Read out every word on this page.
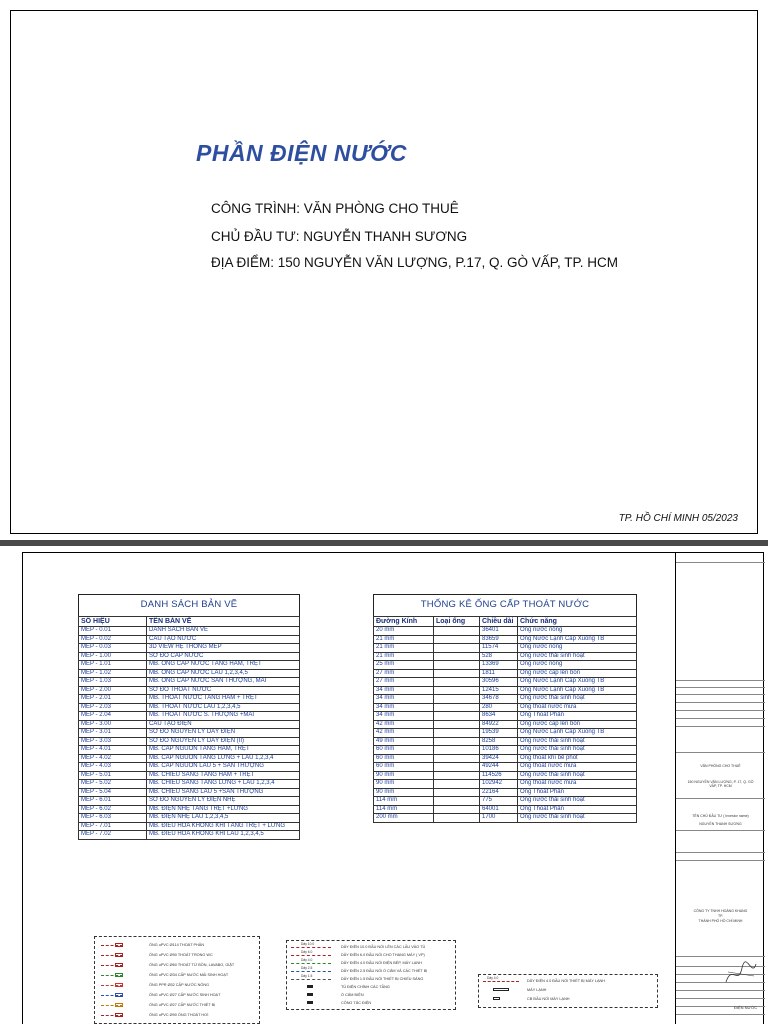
PHẦN ĐIỆN NƯỚC
CÔNG TRÌNH: VĂN PHÒNG CHO THUÊ
CHỦ ĐẦU TƯ: NGUYỄN THANH SƯƠNG
ĐỊA ĐIỂM: 150 NGUYỄN VĂN LƯỢNG, P.17, Q. GÒ VẤP, TP. HCM
TP. HỒ CHÍ MINH 05/2023
DANH SÁCH BẢN VẼ
SỐ HIỆU	TÊN BẢN VẼ
MEP - 0.01	DANH SÁCH BẢN VẼ
MEP - 0.02	CẤU TẠO NƯỚC
MEP - 0.03	3D VIEW HỆ THỐNG MEP
MEP - 1.00	SƠ ĐỒ CẤP NƯỚC
MEP - 1.01	MB. ỐNG CẤP NƯỚC TẦNG HẦM, TRỆT
MEP - 1.02	MB. ỐNG CẤP NƯỚC LẦU 1,2,3,4,5
MEP - 1.03	MB. ỐNG CẤP NƯỚC SÂN THƯỢNG, MÁI
MEP - 2.00	SƠ ĐỒ THOÁT NƯỚC
MEP - 2.01	MB. THOÁT NƯỚC TẦNG HẦM + TRỆT
MEP - 2.03	MB. THOÁT NƯỚC LẦU 1,2,3,4,5
MEP - 2.04	MB. THOÁT NƯỚC S. THƯỢNG +MÁI
MEP - 3.00	CẤU TẠO ĐIỆN
MEP - 3.01	SƠ ĐỒ NGUYÊN LÝ DÂY ĐIỆN
MEP - 3.03	SƠ ĐỒ NGUYÊN LÝ DÂY ĐIỆN (II)
MEP - 4.01	MB. CẤP NGUỒN TẦNG HẦM, TRỆT
MEP - 4.02	MB. CẤP NGUỒN TẦNG LỬNG + LẦU 1,2,3,4
MEP - 4.03	MB. CẤP NGUỒN LẦU 5 + SÂN THƯỢNG
MEP - 5.01	MB. CHIẾU SÁNG TẦNG HẦM + TRỆT
MEP - 5.02	MB. CHIẾU SÁNG TẦNG LỬNG + LẦU 1,2,3,4
MEP - 5.04	MB. CHIẾU SÁNG LẦU 5 +SÂN THƯỢNG
MEP - 6.01	SƠ ĐỒ NGUYÊN LÝ ĐIỆN NHẸ
MEP - 6.02	MB. ĐIỆN NHẸ TẦNG TRỆT +LỬNG
MEP - 6.03	MB. ĐIỆN NHẸ LẦU 1,2,3,4,5
MEP - 7.01	MB. ĐIỀU HÒA KHÔNG KHÍ TẦNG TRỆT + LỬNG
MEP - 7.02	MB. ĐIỀU HÒA KHÔNG KHÍ LẦU 1,2,3,4,5
THỐNG KÊ ỐNG CẤP THOÁT NƯỚC
Đường Kính	Loại ống	Chiều dài	Chức năng
20 mm		36401	Ống nước nóng
21 mm		83659	Ống Nước Lạnh Cấp Xuống TB
21 mm		11574	Ống nước nóng
21 mm		528	Ống nước thải sinh hoạt
25 mm		13369	Ống nước nóng
27 mm		1811	Ống nước cấp lên bồn
27 mm		30596	Ống Nước Lạnh Cấp Xuống TB
34 mm		12415	Ống Nước Lạnh Cấp Xuống TB
34 mm		34678	Ống nước thải sinh hoạt
34 mm		280	Ống thoát nước mưa
34 mm		8634	Ống Thoát Phân
42 mm		84922	Ống nước cấp lên bồn
42 mm		19539	Ống Nước Lạnh Cấp Xuống TB
49 mm		8258	Ống nước thải sinh hoạt
60 mm		10186	Ống nước thải sinh hoạt
60 mm		39424	Ống thoát khí bể phốt
60 mm		49244	Ống thoát nước mưa
90 mm		114526	Ống nước thải sinh hoạt
90 mm		102942	Ống thoát nước mưa
90 mm		22164	Ống Thoát Phân
114 mm		775	Ống nước thải sinh hoạt
114 mm		64001	Ống Thoát Phân
200 mm		1700	Ống nước thải sinh hoạt
ỐNG uPVC Ø114 THOÁT PHÂN
ỐNG uPVC Ø90 THOÁT TRONG WC
ỐNG uPVC Ø60 THOÁT TỪ BỒN, LAVABO, GIẶT
ỐNG uPVC Ø34 CẤP NƯỚC MÁI SINH HOẠT
ỐNG PPR Ø32 CẤP NƯỚC NÓNG
ỐNG uPVC Ø27 CẤP NƯỚC SINH HOẠT
ỐNG uPVC Ø27 CẤP NƯỚC THIẾT BỊ
ỐNG uPVC Ø90 ỐNG THOÁT HƠI
Dây 10.0
DÂY ĐIỆN 10.0 ĐẦU NỐI LÊN CÁC LẦU VÀO TỦ
Dây 6.0
DÂY ĐIỆN 6.0 ĐẦU NỐI CHO THANG MÁY ( VP)
Dây 4.0
DÂY ĐIỆN 4.0 ĐẦU NỐI ĐIỆN BẾP, MÁY LẠNH
Dây 2.5
DÂY ĐIỆN 2.5 ĐẦU NỐI Ổ CẮM VÀ CÁC THIẾT BỊ
Dây 1.5
DÂY ĐIỆN 1.5 ĐẦU NỐI THIẾT BỊ CHIẾU SÁNG
TỦ ĐIỆN CHÍNH CÁC TẦNG
Ổ CẮM ĐIỆN
CÔNG TẮC ĐIỆN
Dây 4.0
DÂY ĐIỆN 4.0 ĐẦU NỐI THIẾT BỊ MÁY LẠNH
MÁY LẠNH
CB ĐẦU NỐI MÁY LẠNH
VĂN PHÒNG CHO THUÊ
150 NGUYỄN VĂN LƯỢNG, P. 17, Q. GÒ VẤP, TP. HCM
TÊN CHỦ ĐẦU TƯ ( Investor name)
NGUYỄN THANH SƯƠNG
CÔNG TY TNHH HOÀNG KHANG
TP.
THÀNH PHỐ HỒ CHÍ MINH
ĐIỆN NƯỚC
